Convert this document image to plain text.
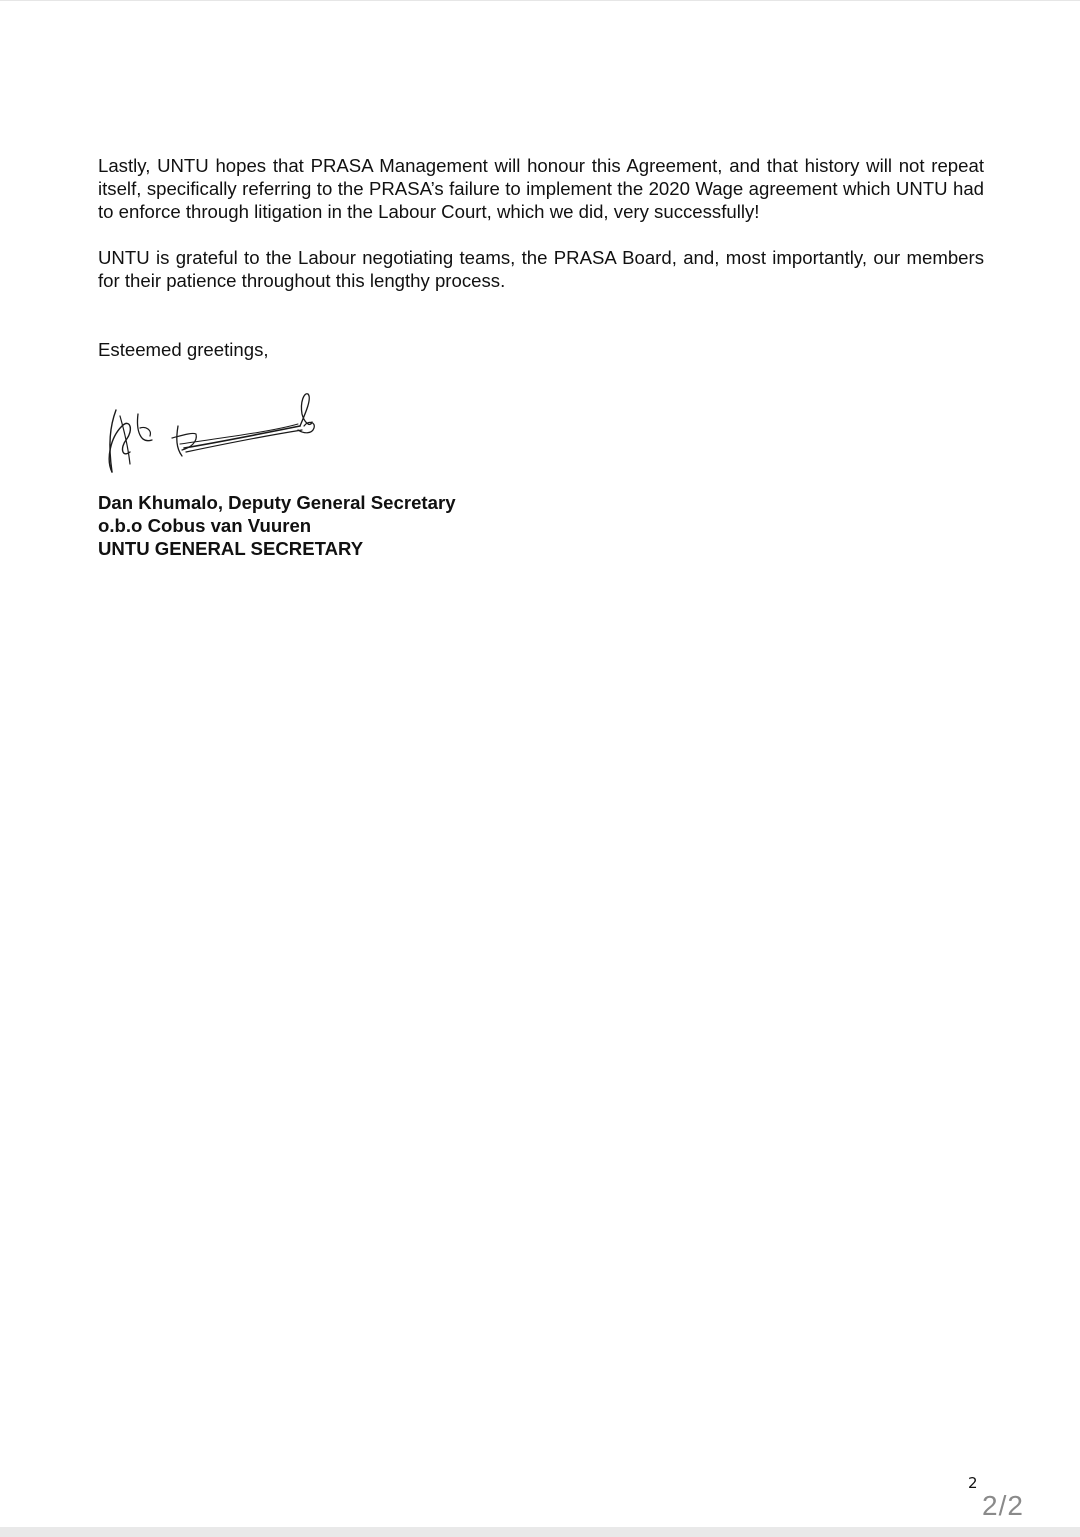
Lastly, UNTU hopes that PRASA Management will honour this Agreement, and that history will not repeat itself, specifically referring to the PRASA’s failure to implement the 2020 Wage agreement which UNTU had to enforce through litigation in the Labour Court, which we did, very successfully!

UNTU is grateful to the Labour negotiating teams, the PRASA Board, and, most importantly, our members for their patience throughout this lengthy process.

Esteemed greetings,

Dan Khumalo, Deputy General Secretary
o.b.o Cobus van Vuuren
UNTU GENERAL SECRETARY
2
2/2
